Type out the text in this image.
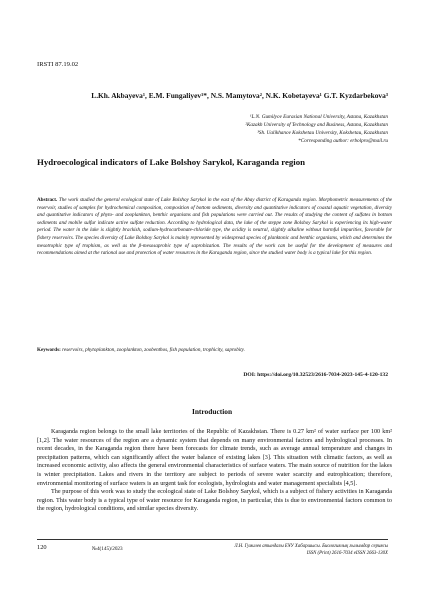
IRSTI 87.19.02
L.Kh. Akbayeva¹, E.M. Fungaliyev¹*, N.S. Mamytova², N.K. Kobetayeva¹ G.T. Kyzdarbekova³
¹L.N. Gumilyov Eurasian National University, Astana, Kazakhstan
²Kazakh University of Technology and Business, Astana, Kazakhstan
³Sh. Ualikhanov Kokshetau University, Kokshetau, Kazakhstan
*Corresponding author: erbolpro@mail.ru
Hydroecological indicators of Lake Bolshoy Sarykol, Karaganda region
Abstract. The work studied the general ecological state of Lake Bolshoy Sarykol in the east of the Abay district of Karaganda region. Morphometric measurements of the reservoir, studies of samples for hydrochemical composition, composition of bottom sediments, diversity and quantitative indicators of coastal aquatic vegetation, diversity and quantitative indicators of phyto- and zooplankton, benthic organisms and fish populations were carried out. The results of studying the content of sulfates in bottom sediments and mobile sulfur indicate active sulfate reduction. According to hydrological data, the lake of the steppe zone Bolshoy Sarykol is experiencing its high-water period. The water in the lake is slightly brackish, sodium-hydrocarbonate-chloride type, the acidity is neutral, slightly alkaline without harmful impurities, favorable for fishery reservoirs. The species diversity of Lake Bolshoy Sarykol is mainly represented by widespread species of planktonic and benthic organisms, which and determines the mesotrophic type of trophism, as well as the β-mesosaprobic type of saprobization. The results of the work can be useful for the development of measures and recommendations aimed at the rational use and protection of water resources in the Karaganda region, since the studied water body is a typical lake for this region.
Keywords: reservoirs, phytoplankton, zooplankton, zoobenthos, fish population, trophicity, saprobity.
DOI: https://doi.org/10.32523/2616-7034-2023-145-4-120-132
Introduction

Karaganda region belongs to the small lake territories of the Republic of Kazakhstan. There is 0.27 km² of water surface per 100 km² [1,2]. The water resources of the region are a dynamic system that depends on many environmental factors and hydrological processes. In recent decades, in the Karaganda region there have been forecasts for climate trends, such as average annual temperature and changes in precipitation patterns, which can significantly affect the water balance of existing lakes [3]. This situation with climatic factors, as well as increased economic activity, also affects the general environmental characteristics of surface waters. The main source of nutrition for the lakes is winter precipitation. Lakes and rivers in the territory are subject to periods of severe water scarcity and eutrophication; therefore, environmental monitoring of surface waters is an urgent task for ecologists, hydrologists and water management specialists [4,5].

The purpose of this work was to study the ecological state of Lake Bolshoy Sarykol, which is a subject of fishery activities in Karaganda region. This water body is a typical type of water resource for Karaganda region, in particular, this is due to environmental factors common to the region, hydrological conditions, and similar species diversity.

120	№4(145)/2023	Л.Н. Гумилев атындағы ЕҰУ Хабаршысы. Биологиялық ғылымдар сериясы
ISSN (Print) 2616-7034 eISSN 2663-130X
